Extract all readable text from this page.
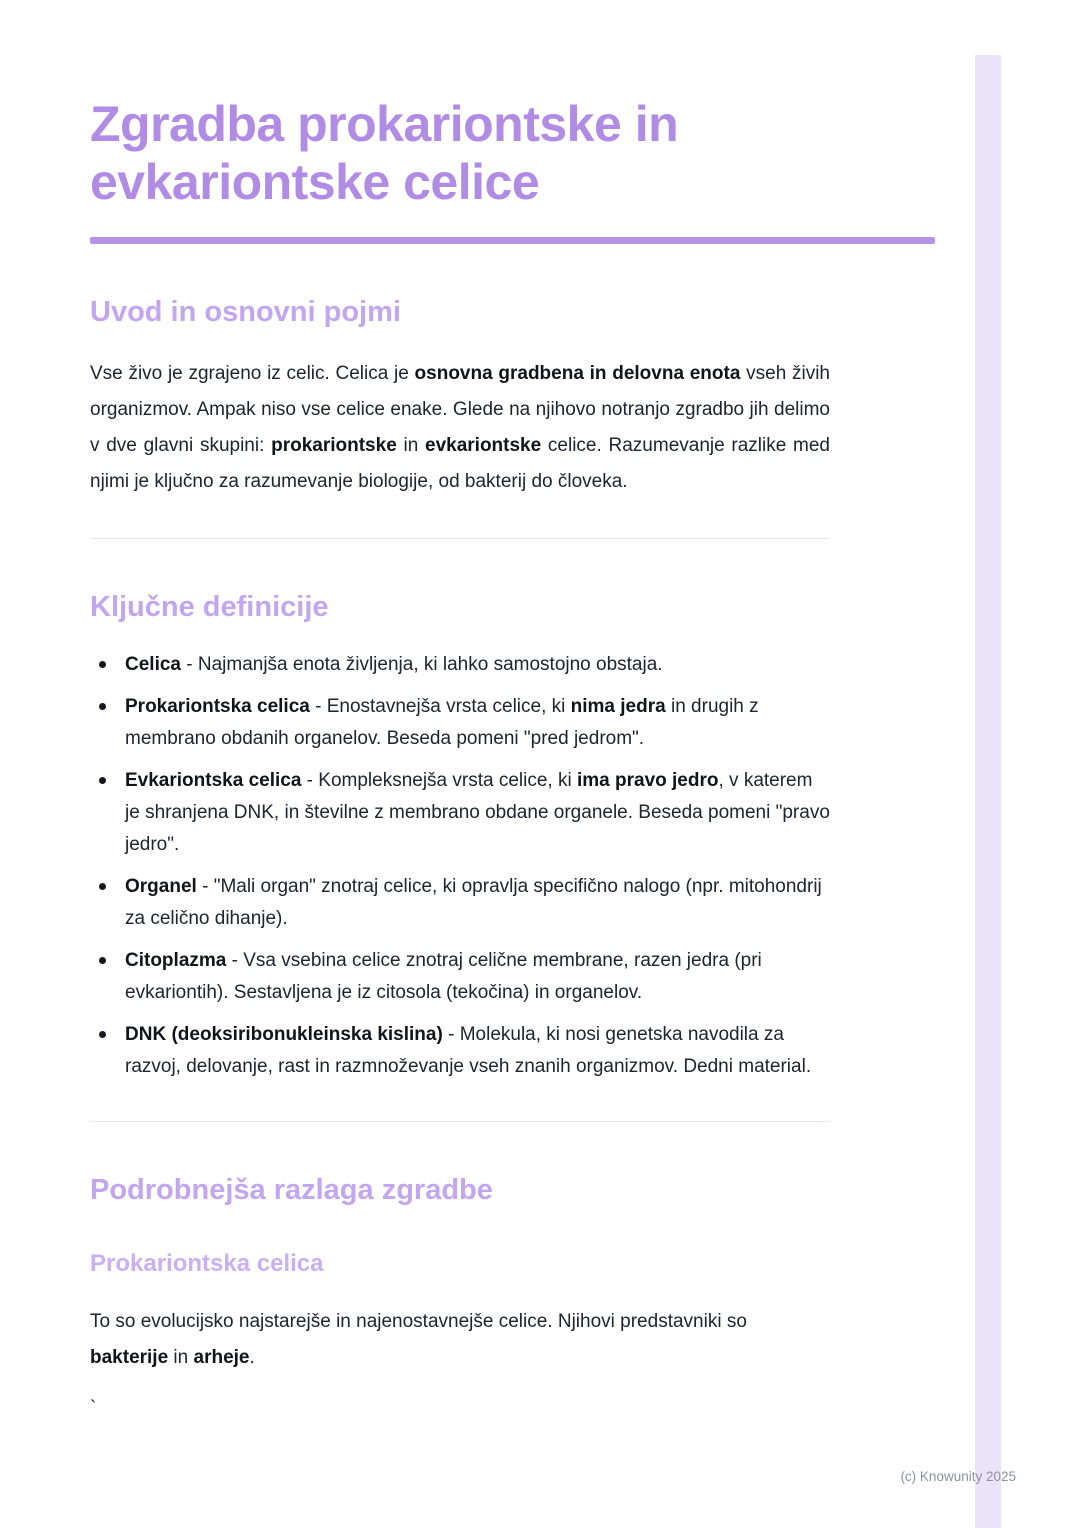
Zgradba prokariontske in evkariontske celice
Uvod in osnovni pojmi

Vse živo je zgrajeno iz celic. Celica je osnovna gradbena in delovna enota vseh živih organizmov. Ampak niso vse celice enake. Glede na njihovo notranjo zgradbo jih delimo v dve glavni skupini: prokariontske in evkariontske celice. Razumevanje razlike med njimi je ključno za razumevanje biologije, od bakterij do človeka.

Ključne definicije
Celica - Najmanjša enota življenja, ki lahko samostojno obstaja.
Prokariontska celica - Enostavnejša vrsta celice, ki nima jedra in drugih z membrano obdanih organelov. Beseda pomeni "pred jedrom".
Evkariontska celica - Kompleksnejša vrsta celice, ki ima pravo jedro, v katerem je shranjena DNK, in številne z membrano obdane organele. Beseda pomeni "pravo jedro".
Organel - "Mali organ" znotraj celice, ki opravlja specifično nalogo (npr. mitohondrij za celično dihanje).
Citoplazma - Vsa vsebina celice znotraj celične membrane, razen jedra (pri evkariontih). Sestavljena je iz citosola (tekočina) in organelov.
DNK (deoksiribonukleinska kislina) - Molekula, ki nosi genetska navodila za razvoj, delovanje, rast in razmnoževanje vseh znanih organizmov. Dedni material.
Podrobnejša razlaga zgradbe
Prokariontska celica

To so evolucijsko najstarejše in najenostavnejše celice. Njihovi predstavniki so bakterije in arheje.

`
(c) Knowunity 2025
